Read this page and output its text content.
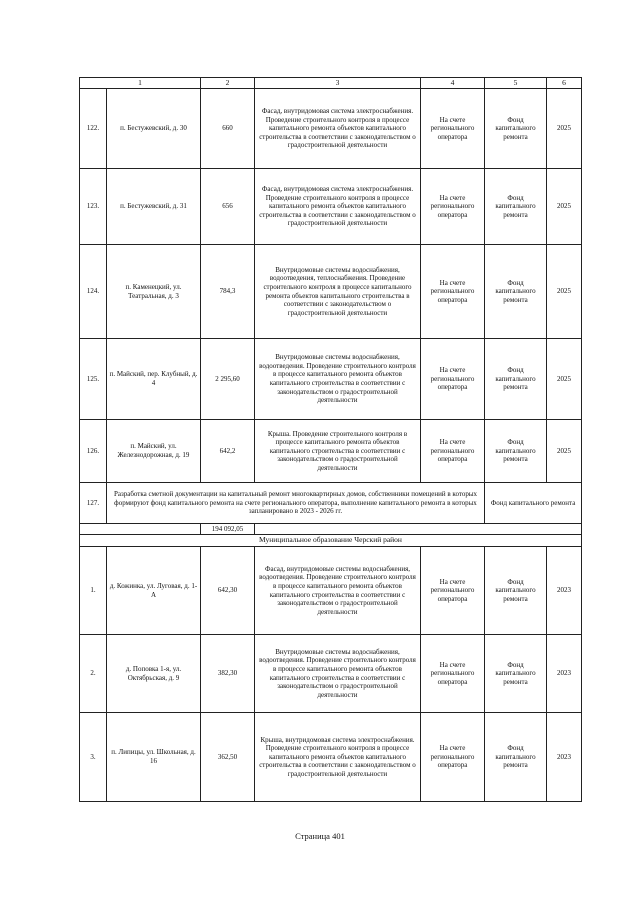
1		2	3	4	5	6
122.	п. Бестужевский, д. 30	660	Фасад, внутридомовая система электроснабжения. Проведение строительного контроля в процессе капитального ремонта объектов капитального строительства в соответствии с законодательством о градостроительной деятельности	На счете регионального оператора	Фонд капитального ремонта	2025
123.	п. Бестужевский, д. 31	656	Фасад, внутридомовая система электроснабжения. Проведение строительного контроля в процессе капитального ремонта объектов капитального строительства в соответствии с законодательством о градостроительной деятельности	На счете регионального оператора	Фонд капитального ремонта	2025
124.	п. Каменецкий, ул. Театральная, д. 3	784,3	Внутридомовые системы водоснабжения, водоотведения, теплоснабжения. Проведение строительного контроля в процессе капитального ремонта объектов капитального строительства в соответствии с законодательством о градостроительной деятельности	На счете регионального оператора	Фонд капитального ремонта	2025
125.	п. Майский, пер. Клубный, д. 4	2 295,60	Внутридомовые системы водоснабжения, водоотведения. Проведение строительного контроля в процессе капитального ремонта объектов капитального строительства в соответствии с законодательством о градостроительной деятельности	На счете регионального оператора	Фонд капитального ремонта	2025
126.	п. Майский, ул. Железнодорожная, д. 19	642,2	Крыша. Проведение строительного контроля в процессе капитального ремонта объектов капитального строительства в соответствии с законодательством о градостроительной деятельности	На счете регионального оператора	Фонд капитального ремонта	2025
127.	Разработка сметной документации на капитальный ремонт многоквартирных домов, собственники помещений в которых формируют фонд капитального ремонта на счете регионального оператора, выполнение капитального ремонта в которых запланировано в 2023 - 2026 гг.				Фонд капитального ремонта	
		194 092,05				
Муниципальное образование Черский район						
1.	д. Кожинка, ул. Луговая, д. 1-А	642,30	Фасад, внутридомовые системы водоснабжения, водоотведения. Проведение строительного контроля в процессе капитального ремонта объектов капитального строительства в соответствии с законодательством о градостроительной деятельности	На счете регионального оператора	Фонд капитального ремонта	2023
2.	д. Поповка 1-я, ул. Октябрьская, д. 9	382,30	Внутридомовые системы водоснабжения, водоотведения. Проведение строительного контроля в процессе капитального ремонта объектов капитального строительства в соответствии с законодательством о градостроительной деятельности	На счете регионального оператора	Фонд капитального ремонта	2023
3.	п. Липицы, ул. Школьная, д. 16	362,50	Крыша, внутридомовая система электроснабжения. Проведение строительного контроля в процессе капитального ремонта объектов капитального строительства в соответствии с законодательством о градостроительной деятельности	На счете регионального оператора	Фонд капитального ремонта	2023
Страница 401
